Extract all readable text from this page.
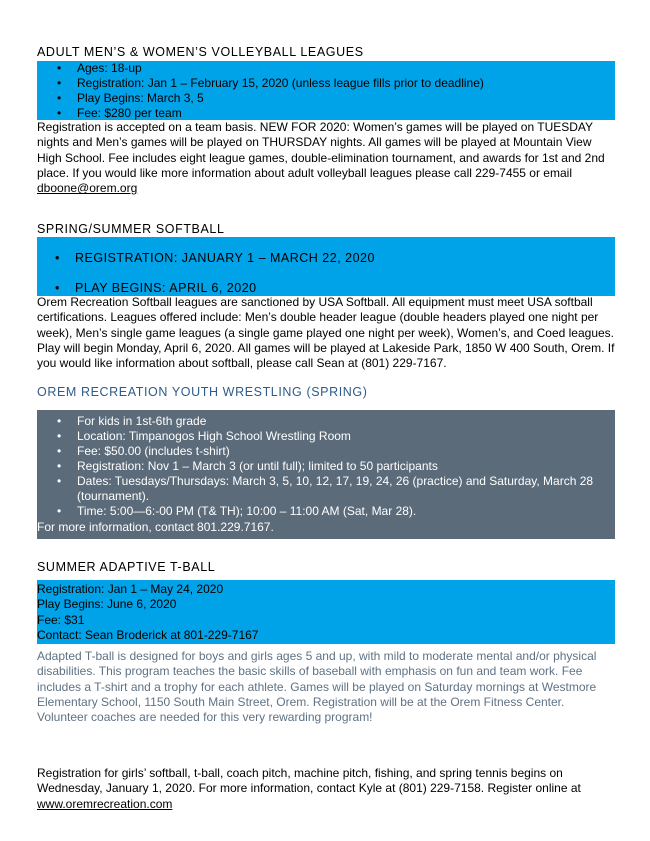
ADULT MEN’S & WOMEN’S VOLLEYBALL LEAGUES
• Ages: 18-up
• Registration: Jan 1 – February 15, 2020 (unless league fills prior to deadline)
• Play Begins: March 3, 5
• Fee: $280 per team
Registration is accepted on a team basis. NEW FOR 2020: Women’s games will be played on TUESDAY nights and Men’s games will be played on THURSDAY nights. All games will be played at Mountain View High School. Fee includes eight league games, double-elimination tournament, and awards for 1st and 2nd place. If you would like more information about adult volleyball leagues please call 229-7455 or email dboone@orem.org
SPRING/SUMMER SOFTBALL
• REGISTRATION: JANUARY 1 – MARCH 22, 2020
• PLAY BEGINS: APRIL 6, 2020
Orem Recreation Softball leagues are sanctioned by USA Softball. All equipment must meet USA softball certifications. Leagues offered include: Men’s double header league (double headers played one night per week), Men’s single game leagues (a single game played one night per week), Women’s, and Coed leagues. Play will begin Monday, April 6, 2020. All games will be played at Lakeside Park, 1850 W 400 South, Orem. If you would like information about softball, please call Sean at (801) 229-7167.
OREM RECREATION YOUTH WRESTLING (SPRING)
• For kids in 1st-6th grade
• Location: Timpanogos High School Wrestling Room
• Fee: $50.00 (includes t-shirt)
• Registration: Nov 1 – March 3 (or until full); limited to 50 participants
• Dates: Tuesdays/Thursdays: March 3, 5, 10, 12, 17, 19, 24, 26 (practice) and Saturday, March 28 (tournament).
• Time: 5:00—6:-00 PM (T& TH); 10:00 – 11:00 AM (Sat, Mar 28).
For more information, contact 801.229.7167.
SUMMER ADAPTIVE T-BALL
Registration: Jan 1 – May 24, 2020
Play Begins: June 6, 2020
Fee: $31
Contact: Sean Broderick at 801-229-7167
Adapted T-ball is designed for boys and girls ages 5 and up, with mild to moderate mental and/or physical disabilities. This program teaches the basic skills of baseball with emphasis on fun and team work. Fee includes a T-shirt and a trophy for each athlete. Games will be played on Saturday mornings at Westmore Elementary School, 1150 South Main Street, Orem. Registration will be at the Orem Fitness Center. Volunteer coaches are needed for this very rewarding program!
Registration for girls’ softball, t-ball, coach pitch, machine pitch, fishing, and spring tennis begins on Wednesday, January 1, 2020. For more information, contact Kyle at (801) 229-7158. Register online at www.oremrecreation.com
